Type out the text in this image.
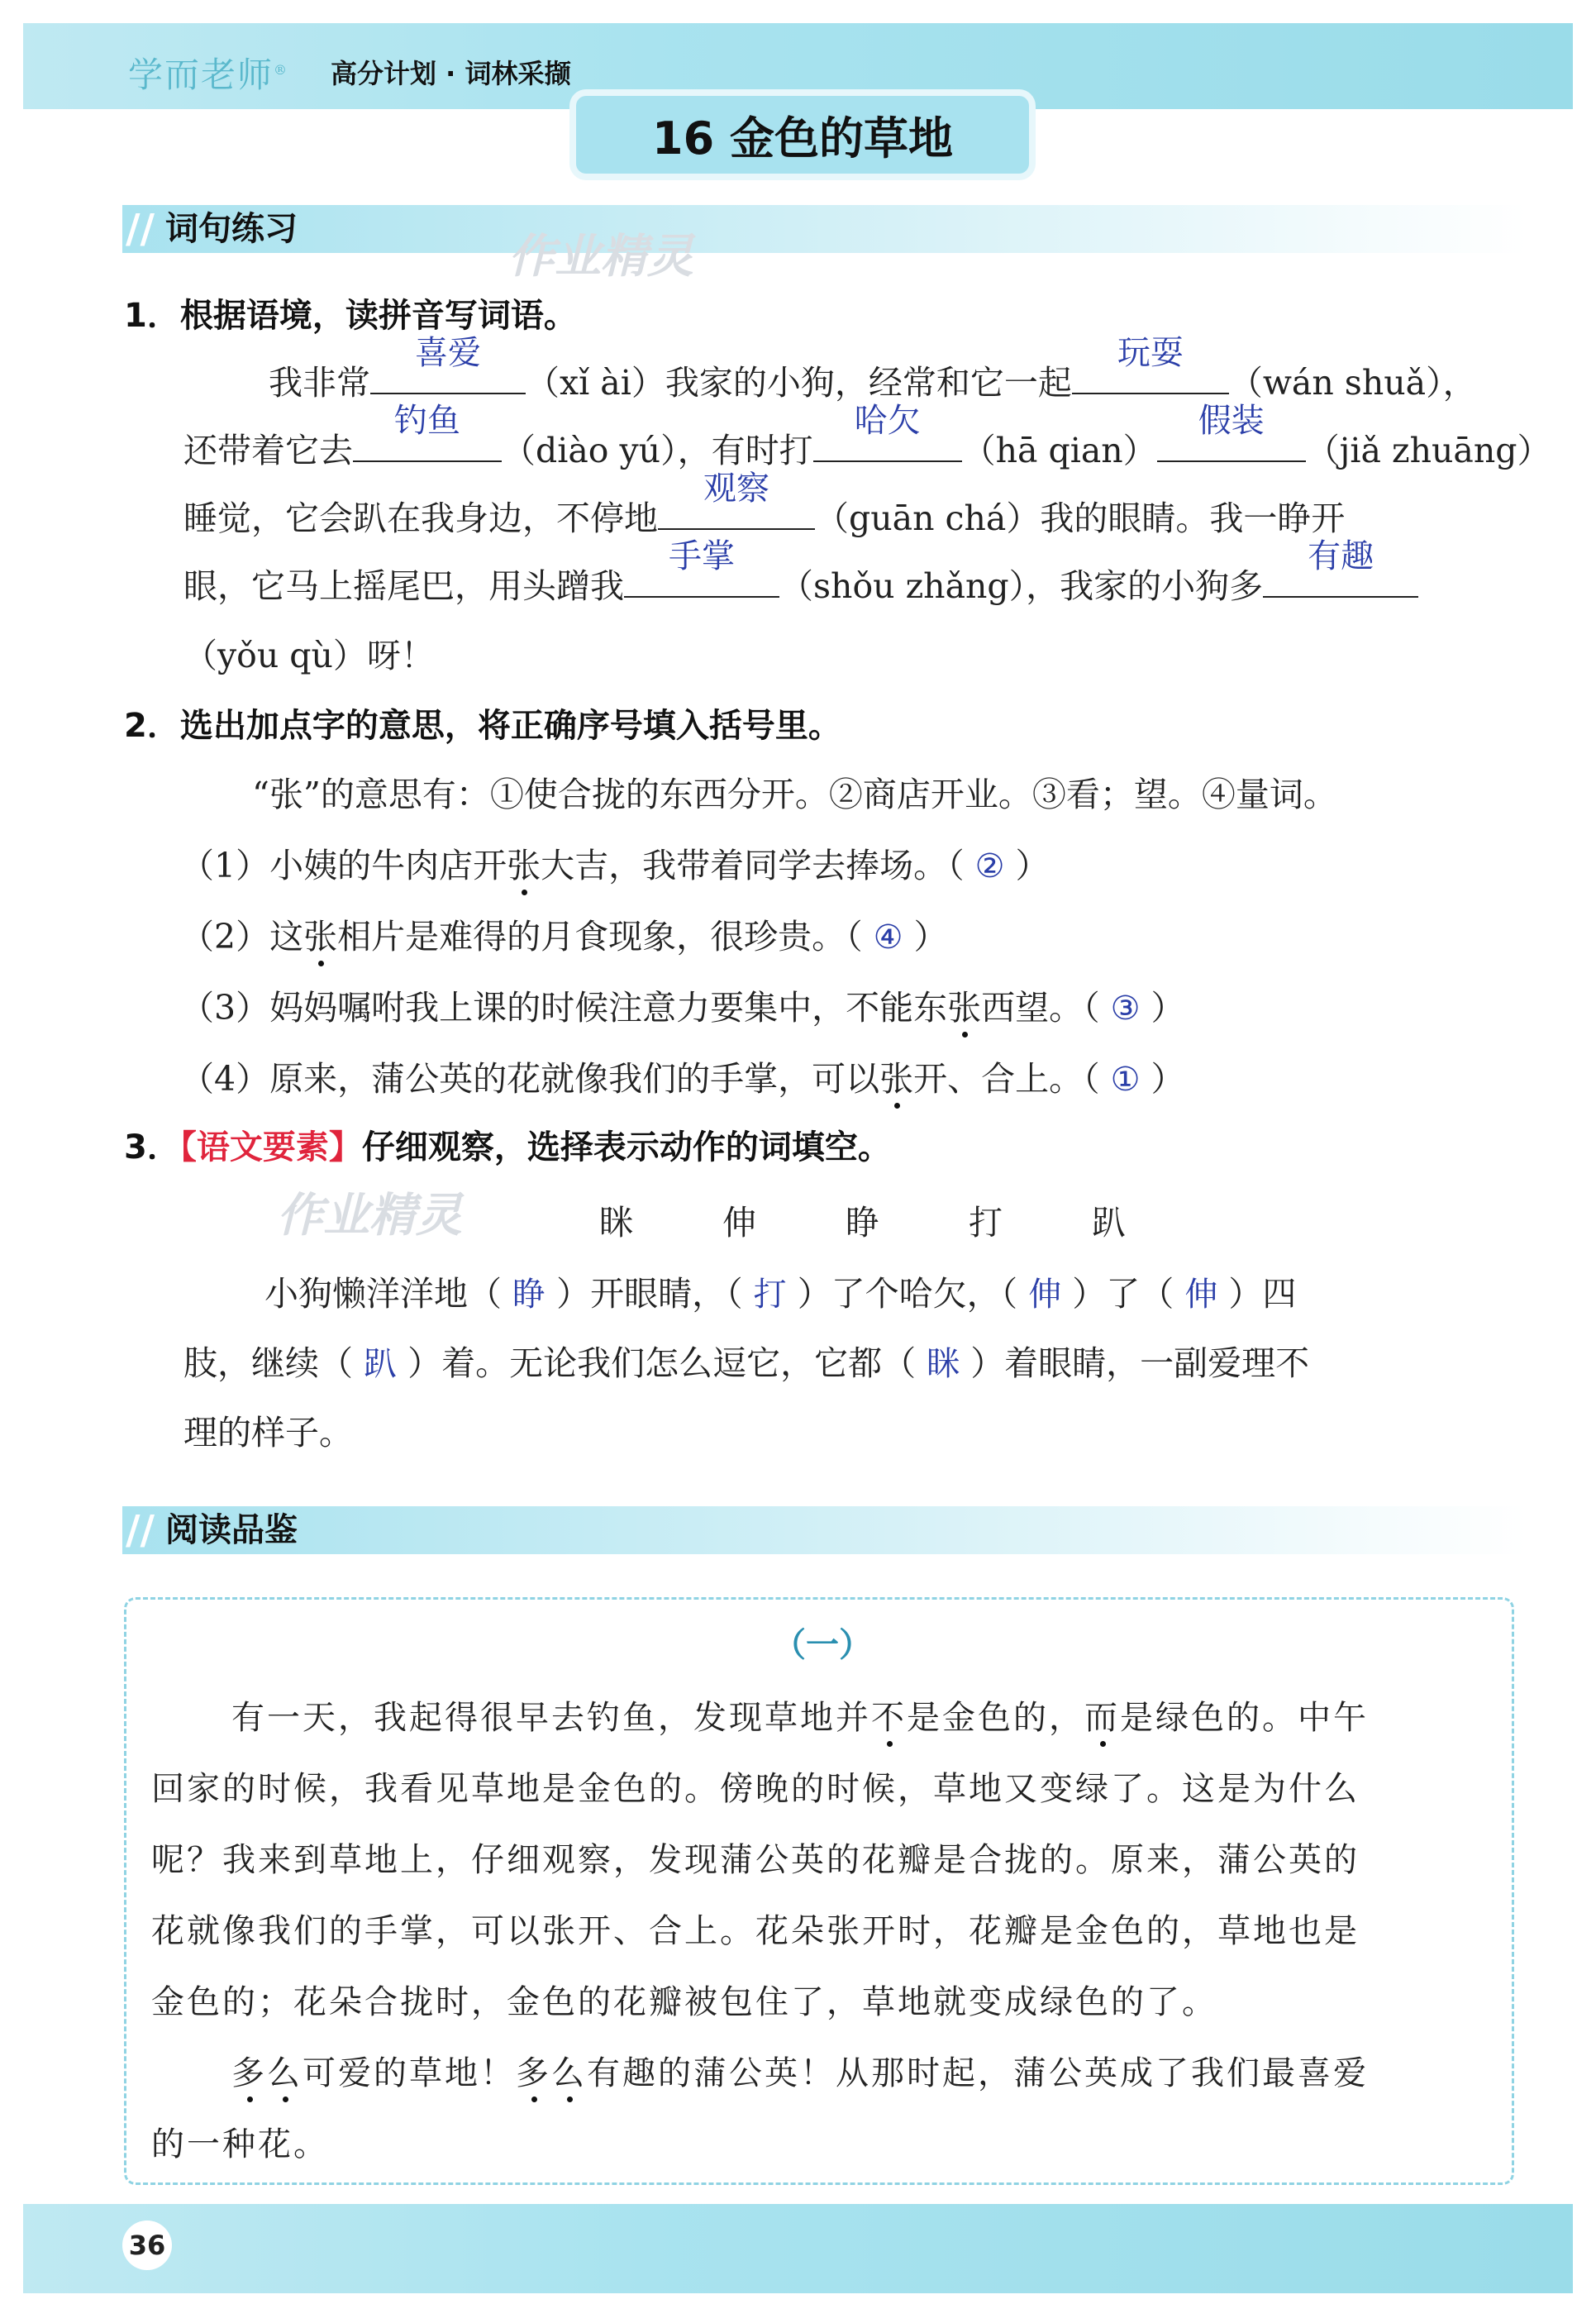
学而老师® 高分计划 · 词林采撷
16 金色的草地
// 词句练习
作业精灵
1．根据语境，读拼音写词语。
我非常
喜爱
（xǐ ài）我家的小狗，经常和它一起
玩耍
（wán shuǎ），
还带着它去
钓鱼
（diào yú），有时打
哈欠
（hā qian）
假装
（jiǎ zhuāng）
睡觉，它会趴在我身边，不停地
观察
（guān chá）我的眼睛。我一睁开
眼，它马上摇尾巴，用头蹭我
手掌
（shǒu zhǎng），我家的小狗多
有趣
（yǒu qù）呀！
2．选出加点字的意思，将正确序号填入括号里。
“张”的意思有：①使合拢的东西分开。②商店开业。③看；望。④量词。
（1）小姨的牛肉店开张大吉，我带着同学去捧场。（ ② ）
（2）这张相片是难得的月食现象，很珍贵。（ ④ ）
（3）妈妈嘱咐我上课的时候注意力要集中，不能东张西望。（ ③ ）
（4）原来，蒲公英的花就像我们的手掌，可以张开、合上。（ ① ）
3．【语文要素】仔细观察，选择表示动作的词填空。
作业精灵	眯	伸	睁	打	趴
小狗懒洋洋地（ 睁 ）开眼睛，（ 打 ）了个哈欠，（ 伸 ）了（ 伸 ）四
肢，继续（ 趴 ）着。无论我们怎么逗它，它都（ 眯 ）着眼睛，一副爱理不
理的样子。
// 阅读品鉴
（一）
有一天，我起得很早去钓鱼，发现草地并不是金色的，而是绿色的。中午
回家的时候，我看见草地是金色的。傍晚的时候，草地又变绿了。这是为什么
呢？我来到草地上，仔细观察，发现蒲公英的花瓣是合拢的。原来，蒲公英的
花就像我们的手掌，可以张开、合上。花朵张开时，花瓣是金色的，草地也是
金色的；花朵合拢时，金色的花瓣被包住了，草地就变成绿色的了。
多么可爱的草地！多么有趣的蒲公英！从那时起，蒲公英成了我们最喜爱
的一种花。
36
